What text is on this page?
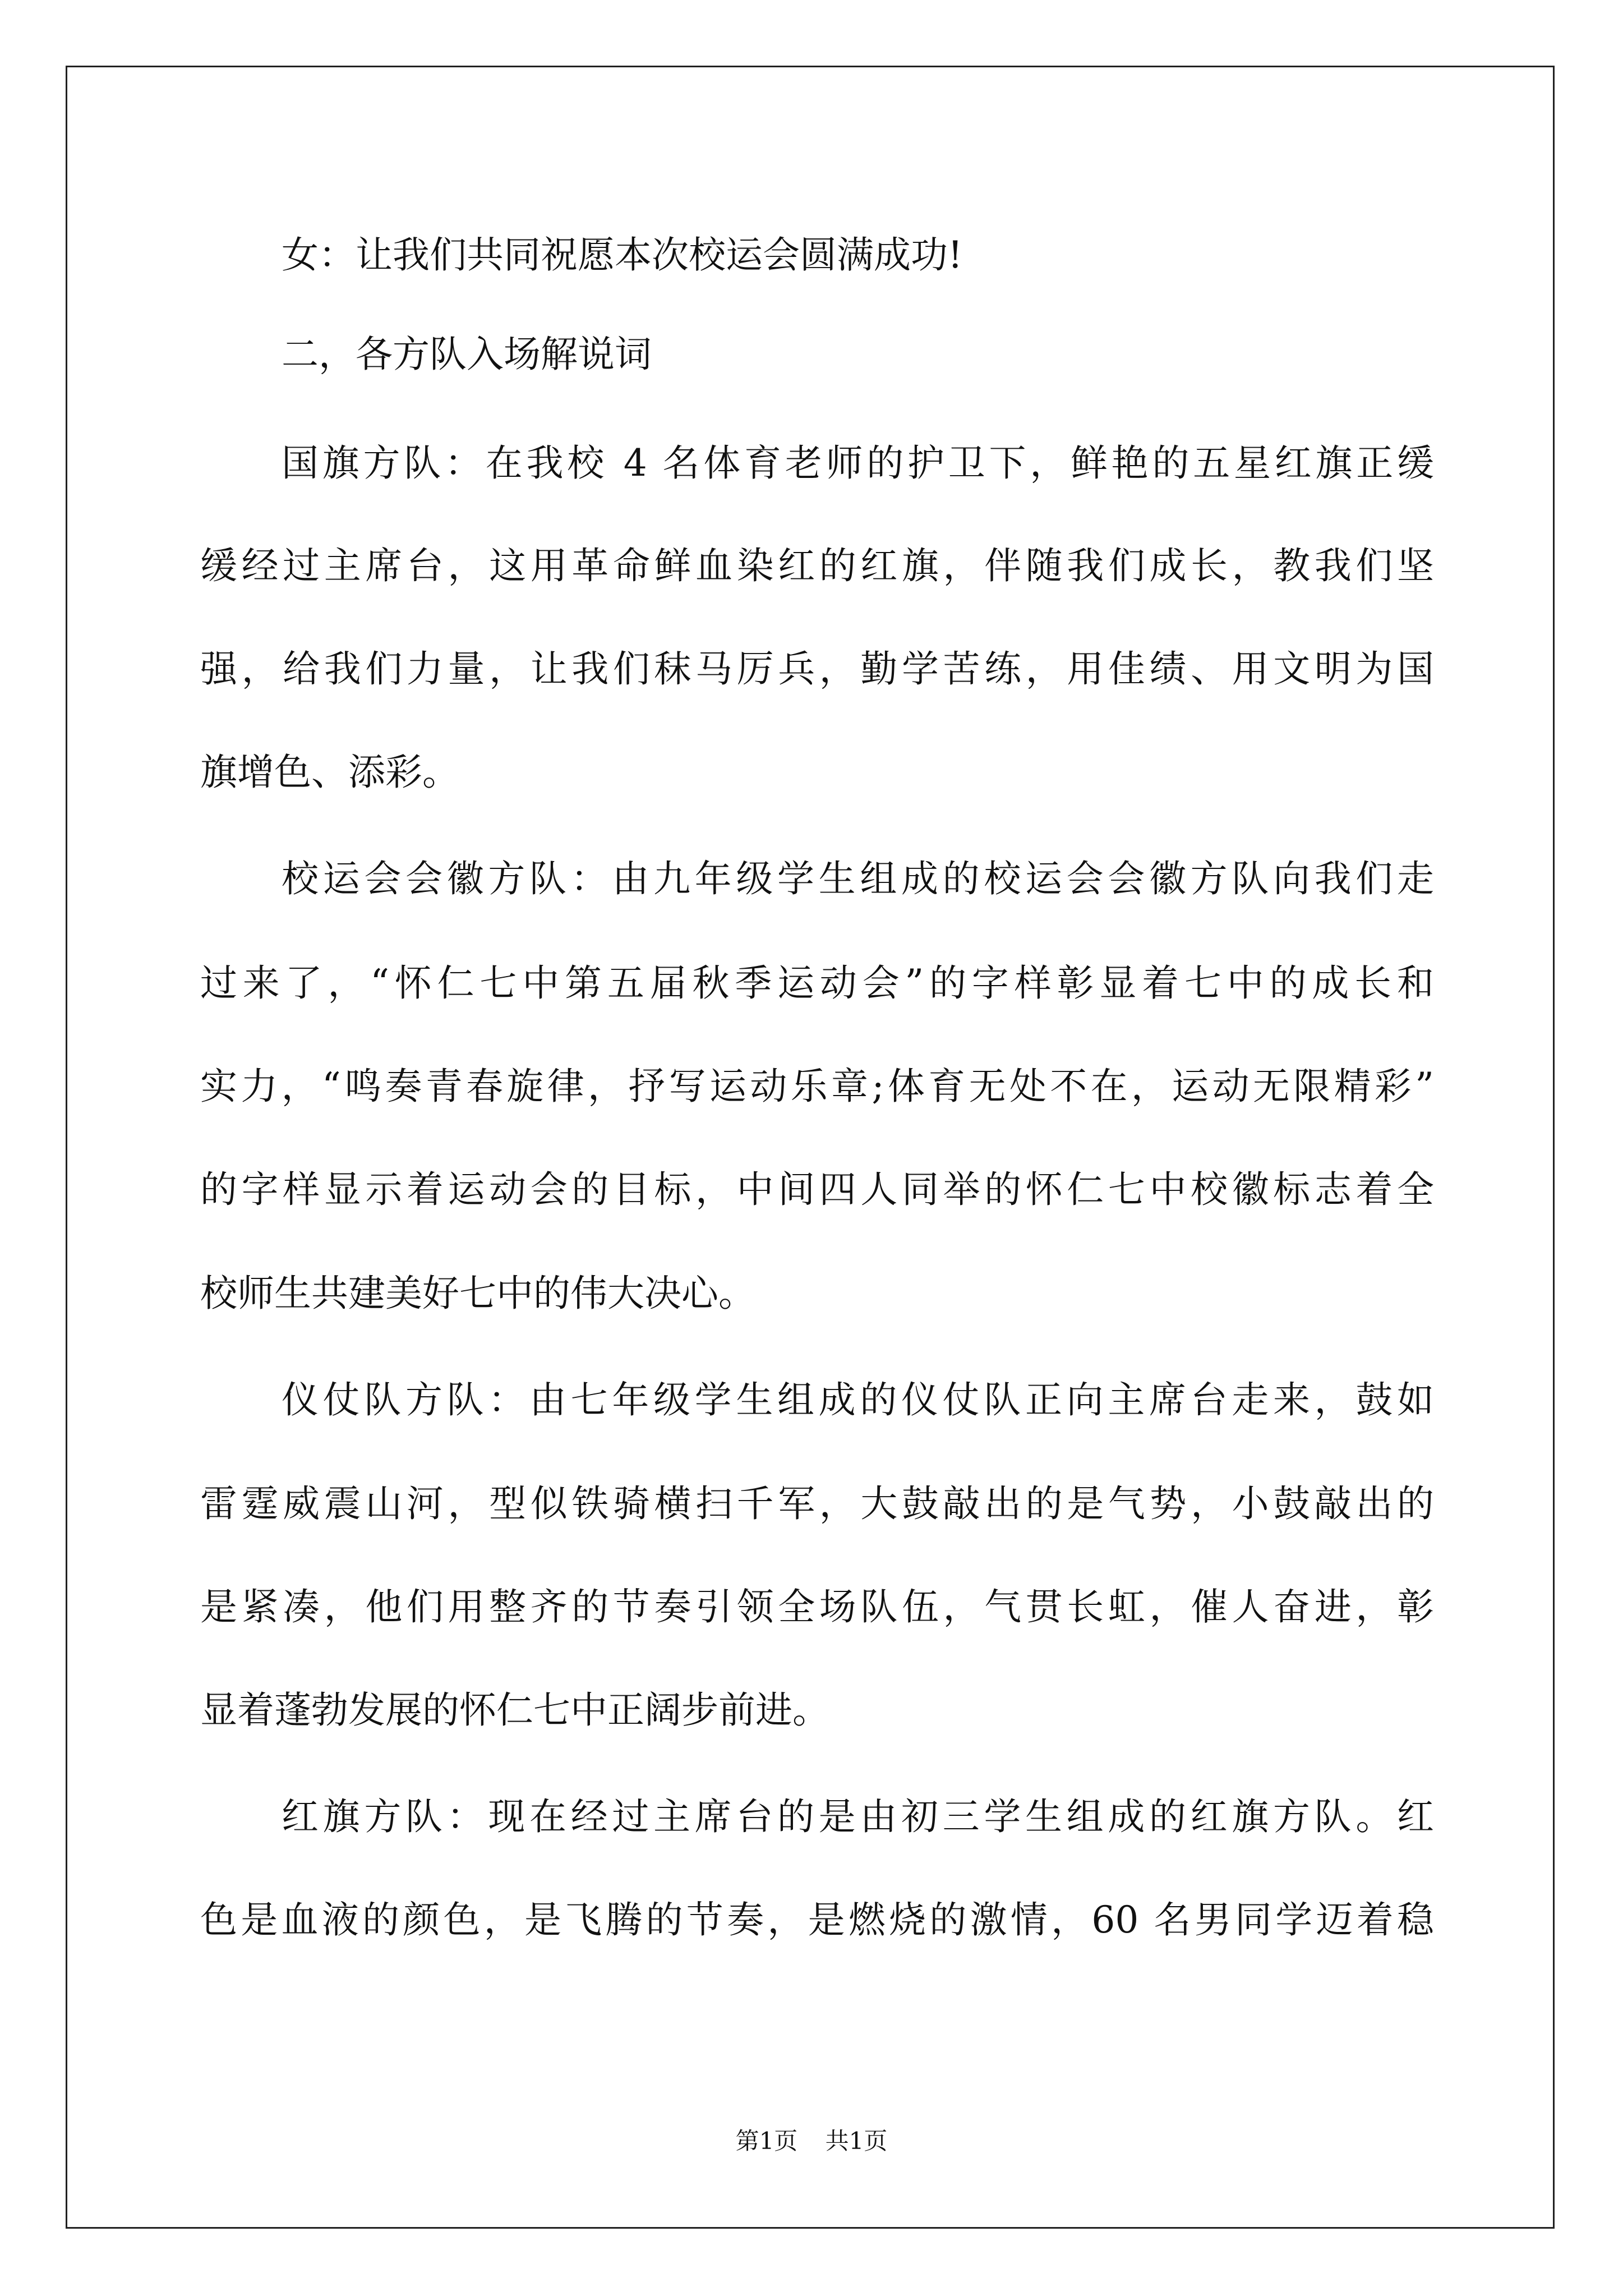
女：让我们共同祝愿本次校运会圆满成功!
二，各方队入场解说词
国旗方队：在我校 4 名体育老师的护卫下，鲜艳的五星红旗正缓
缓经过主席台，这用革命鲜血染红的红旗，伴随我们成长，教我们坚
强，给我们力量，让我们秣马厉兵，勤学苦练，用佳绩、用文明为国
旗增色、添彩。
校运会会徽方队：由九年级学生组成的校运会会徽方队向我们走
过来了，“怀仁七中第五届秋季运动会”的字样彰显着七中的成长和
实力，“鸣奏青春旋律，抒写运动乐章;体育无处不在，运动无限精彩”
的字样显示着运动会的目标，中间四人同举的怀仁七中校徽标志着全
校师生共建美好七中的伟大决心。
仪仗队方队：由七年级学生组成的仪仗队正向主席台走来，鼓如
雷霆威震山河，型似铁骑横扫千军，大鼓敲出的是气势，小鼓敲出的
是紧凑，他们用整齐的节奏引领全场队伍，气贯长虹，催人奋进，彰
显着蓬勃发展的怀仁七中正阔步前进。
红旗方队：现在经过主席台的是由初三学生组成的红旗方队。红
色是血液的颜色，是飞腾的节奏，是燃烧的激情，60 名男同学迈着稳
第1页 共1页
